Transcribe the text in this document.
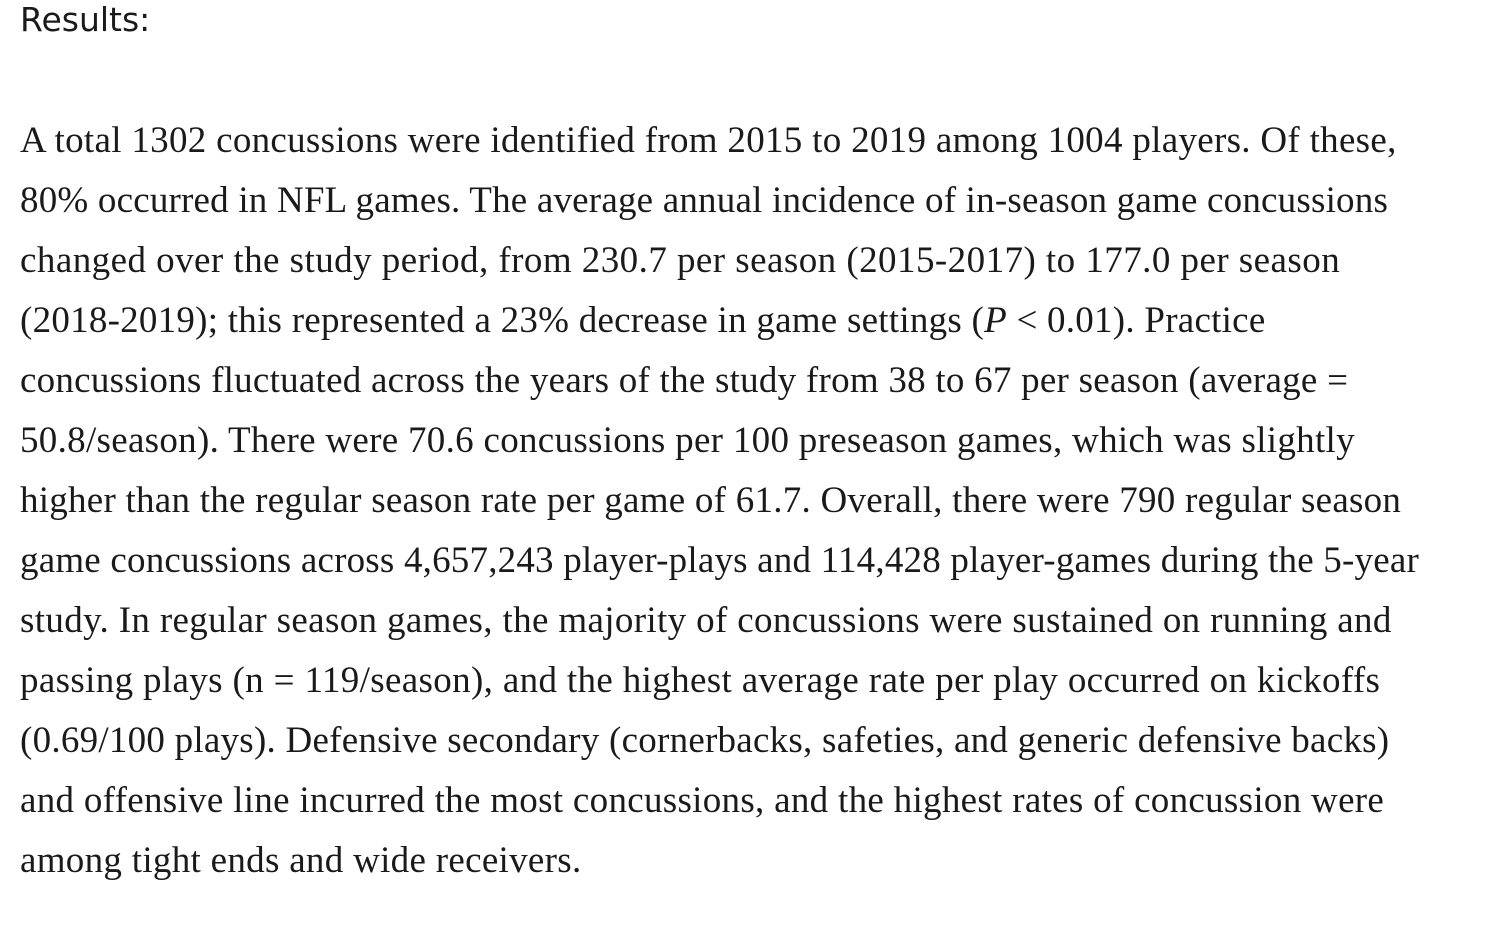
Results:

A total 1302 concussions were identified from 2015 to 2019 among 1004 players. Of these,
80% occurred in NFL games. The average annual incidence of in-season game concussions
changed over the study period, from 230.7 per season (2015-2017) to 177.0 per season
(2018-2019); this represented a 23% decrease in game settings (P < 0.01). Practice
concussions fluctuated across the years of the study from 38 to 67 per season (average =
50.8/season). There were 70.6 concussions per 100 preseason games, which was slightly
higher than the regular season rate per game of 61.7. Overall, there were 790 regular season
game concussions across 4,657,243 player-plays and 114,428 player-games during the 5-year
study. In regular season games, the majority of concussions were sustained on running and
passing plays (n = 119/season), and the highest average rate per play occurred on kickoffs
(0.69/100 plays). Defensive secondary (cornerbacks, safeties, and generic defensive backs)
and offensive line incurred the most concussions, and the highest rates of concussion were
among tight ends and wide receivers.
